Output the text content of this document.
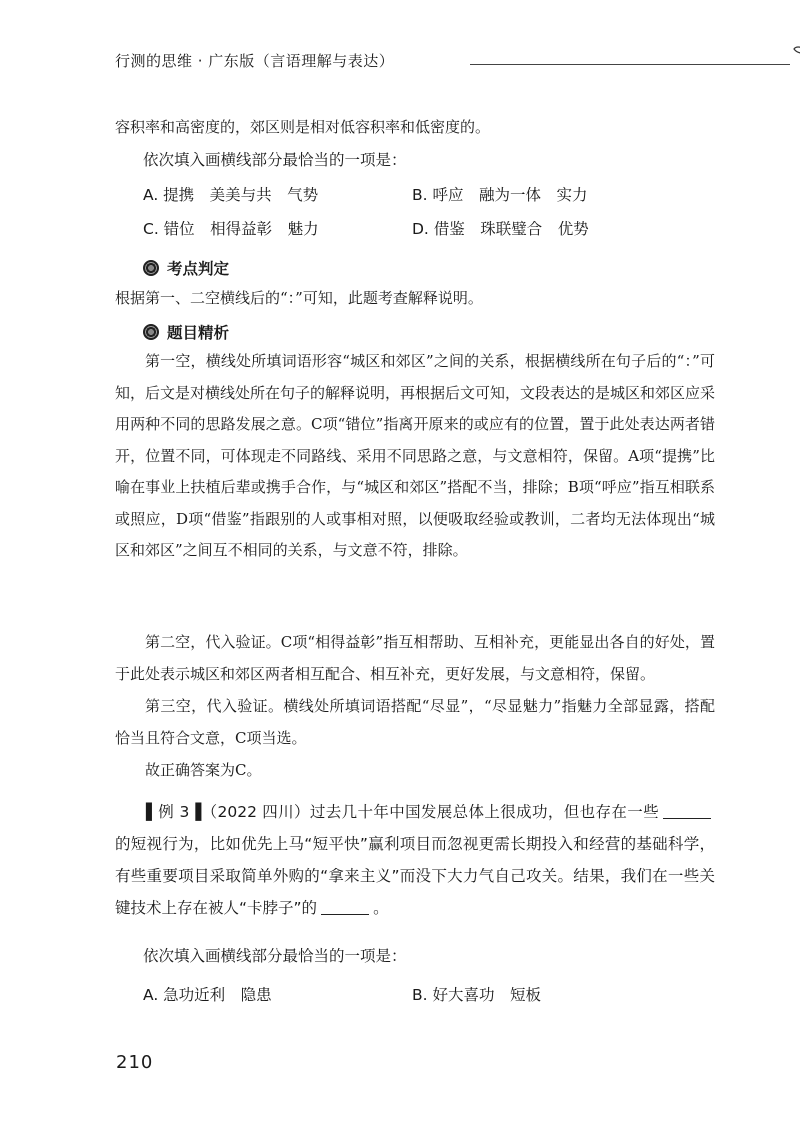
行测的思维 · 广东版（言语理解与表达）
容积率和高密度的，郊区则是相对低容积率和低密度的。
依次填入画横线部分最恰当的一项是：
A. 提携　美美与共　气势	B. 呼应　融为一体　实力
C. 错位　相得益彰　魅力	D. 借鉴　珠联璧合　优势
考点判定
根据第一、二空横线后的“：”可知，此题考查解释说明。
题目精析

第一空，横线处所填词语形容“城区和郊区”之间的关系，根据横线所在句子后的“：”可知，后文是对横线处所在句子的解释说明，再根据后文可知，文段表达的是城区和郊区应采用两种不同的思路发展之意。C项“错位”指离开原来的或应有的位置，置于此处表达两者错开，位置不同，可体现走不同路线、采用不同思路之意，与文意相符，保留。A项“提携”比喻在事业上扶植后辈或携手合作，与“城区和郊区”搭配不当，排除；B项“呼应”指互相联系或照应，D项“借鉴”指跟别的人或事相对照，以便吸取经验或教训，二者均无法体现出“城区和郊区”之间互不相同的关系，与文意不符，排除。

第二空，代入验证。C项“相得益彰”指互相帮助、互相补充，更能显出各自的好处，置于此处表示城区和郊区两者相互配合、相互补充，更好发展，与文意相符，保留。

第三空，代入验证。横线处所填词语搭配“尽显”，“尽显魅力”指魅力全部显露，搭配恰当且符合文意，C项当选。

故正确答案为C。

▌例 3▐（2022 四川）过去几十年中国发展总体上很成功，但也存在一些的短视行为，比如优先上马“短平快”赢利项目而忽视更需长期投入和经营的基础科学，有些重要项目采取简单外购的“拿来主义”而没下大力气自己攻关。结果，我们在一些关键技术上存在被人“卡脖子”的	。

依次填入画横线部分最恰当的一项是：
A. 急功近利　隐患	B. 好大喜功　短板
210
